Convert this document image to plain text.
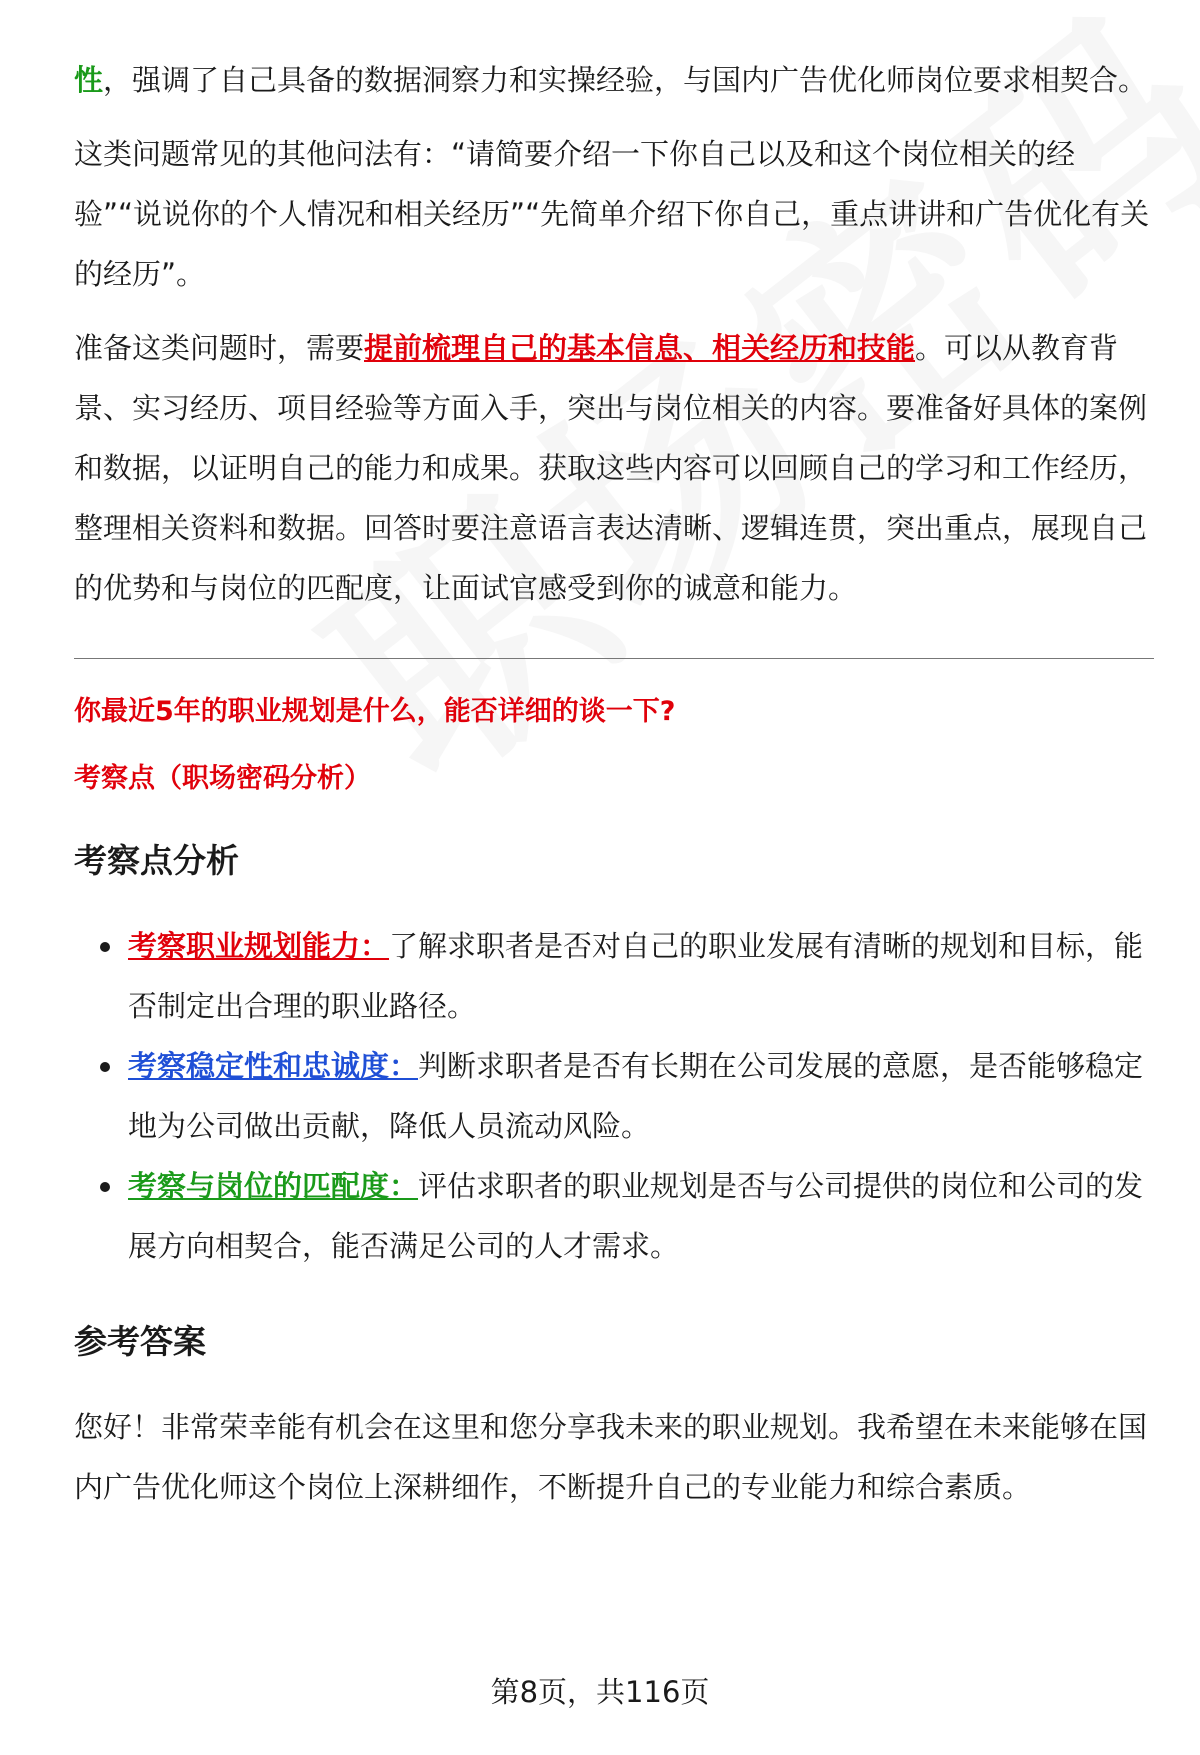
性，强调了自己具备的数据洞察力和实操经验，与国内广告优化师岗位要求相契合。

这类问题常见的其他问法有：“请简要介绍一下你自己以及和这个岗位相关的经验”“说说你的个人情况和相关经历”“先简单介绍下你自己，重点讲讲和广告优化有关的经历”。

准备这类问题时，需要提前梳理自己的基本信息、相关经历和技能。可以从教育背景、实习经历、项目经验等方面入手，突出与岗位相关的内容。要准备好具体的案例和数据，以证明自己的能力和成果。获取这些内容可以回顾自己的学习和工作经历，整理相关资料和数据。回答时要注意语言表达清晰、逻辑连贯，突出重点，展现自己的优势和与岗位的匹配度，让面试官感受到你的诚意和能力。

你最近5年的职业规划是什么，能否详细的谈一下?

考察点（职场密码分析）

考察点分析

考察职业规划能力：了解求职者是否对自己的职业发展有清晰的规划和目标，能否制定出合理的职业路径。
考察稳定性和忠诚度：判断求职者是否有长期在公司发展的意愿，是否能够稳定地为公司做出贡献，降低人员流动风险。
考察与岗位的匹配度：评估求职者的职业规划是否与公司提供的岗位和公司的发展方向相契合，能否满足公司的人才需求。

参考答案

您好！非常荣幸能有机会在这里和您分享我未来的职业规划。我希望在未来能够在国内广告优化师这个岗位上深耕细作，不断提升自己的专业能力和综合素质。

第8页，共116页
